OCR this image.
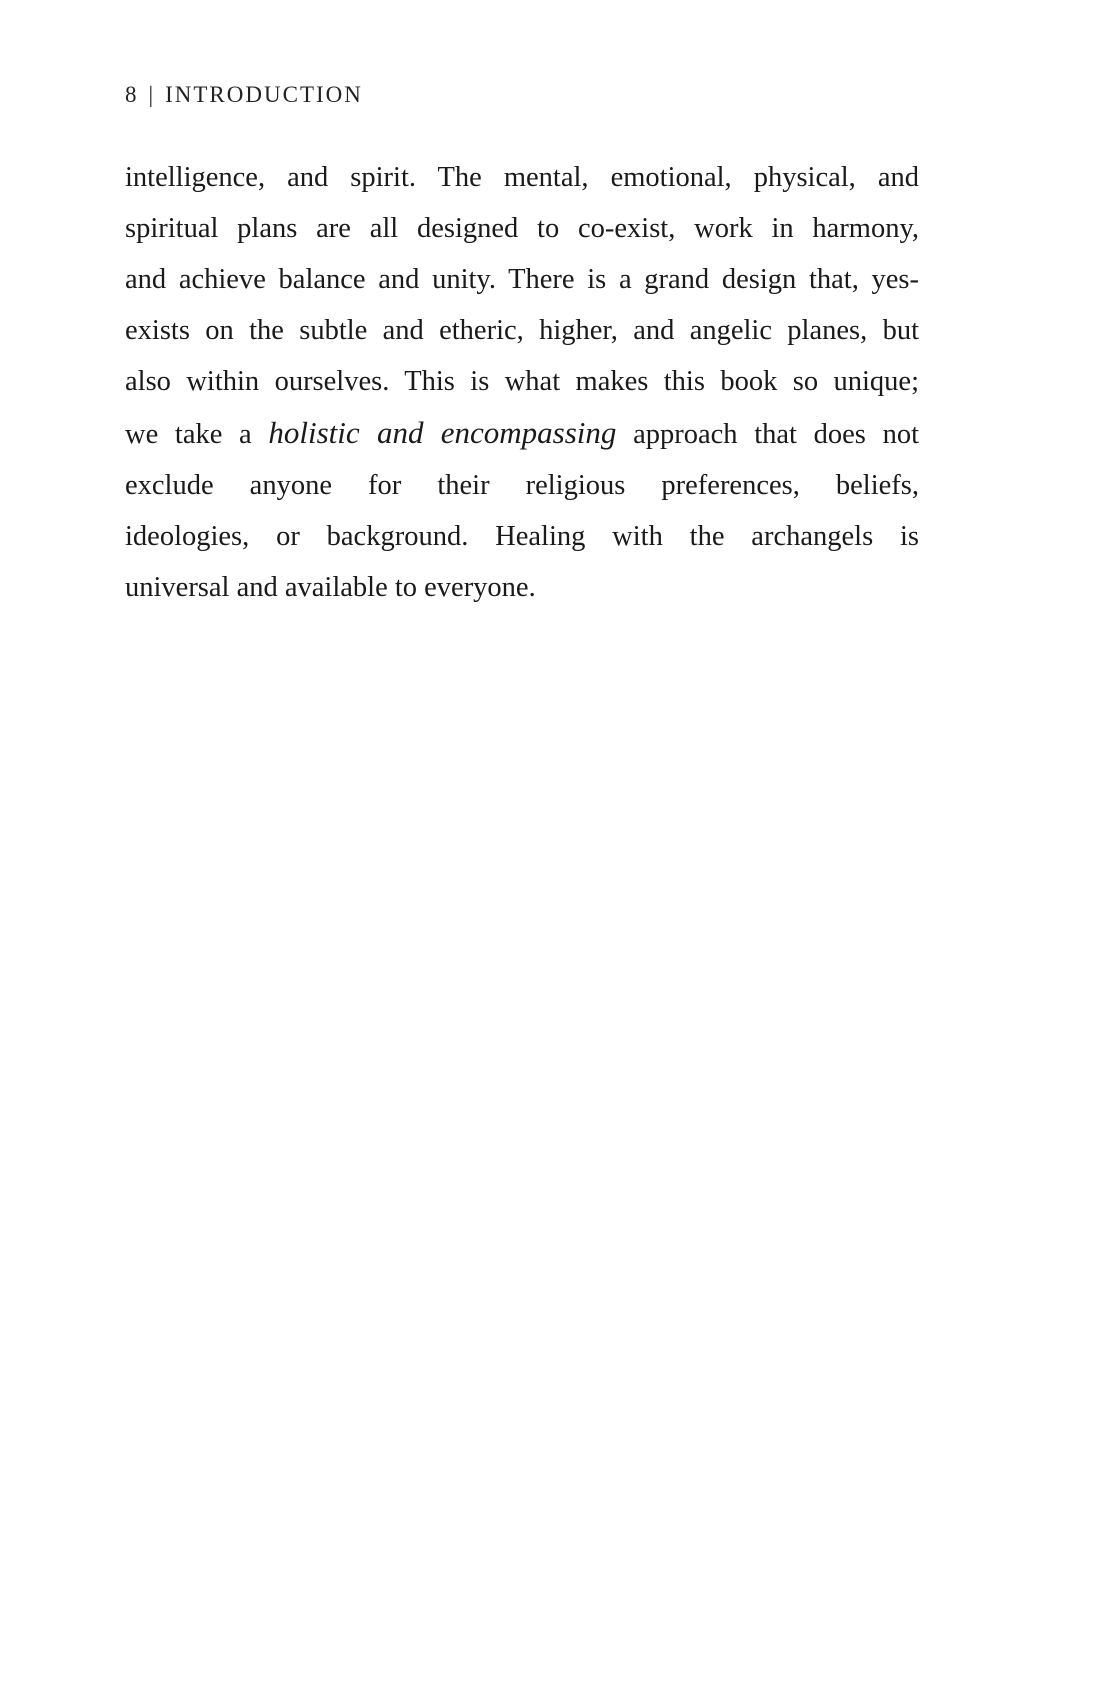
8 | INTRODUCTION

intelligence, and spirit. The mental, emotional, physical, and
spiritual plans are all designed to co-exist, work in harmony,
and achieve balance and unity. There is a grand design that, yes-
exists on the subtle and etheric, higher, and angelic planes, but
also within ourselves. This is what makes this book so unique;
we take a holistic and encompassing approach that does not
exclude anyone for their religious preferences, beliefs,
ideologies, or background. Healing with the archangels is
universal and available to everyone.
